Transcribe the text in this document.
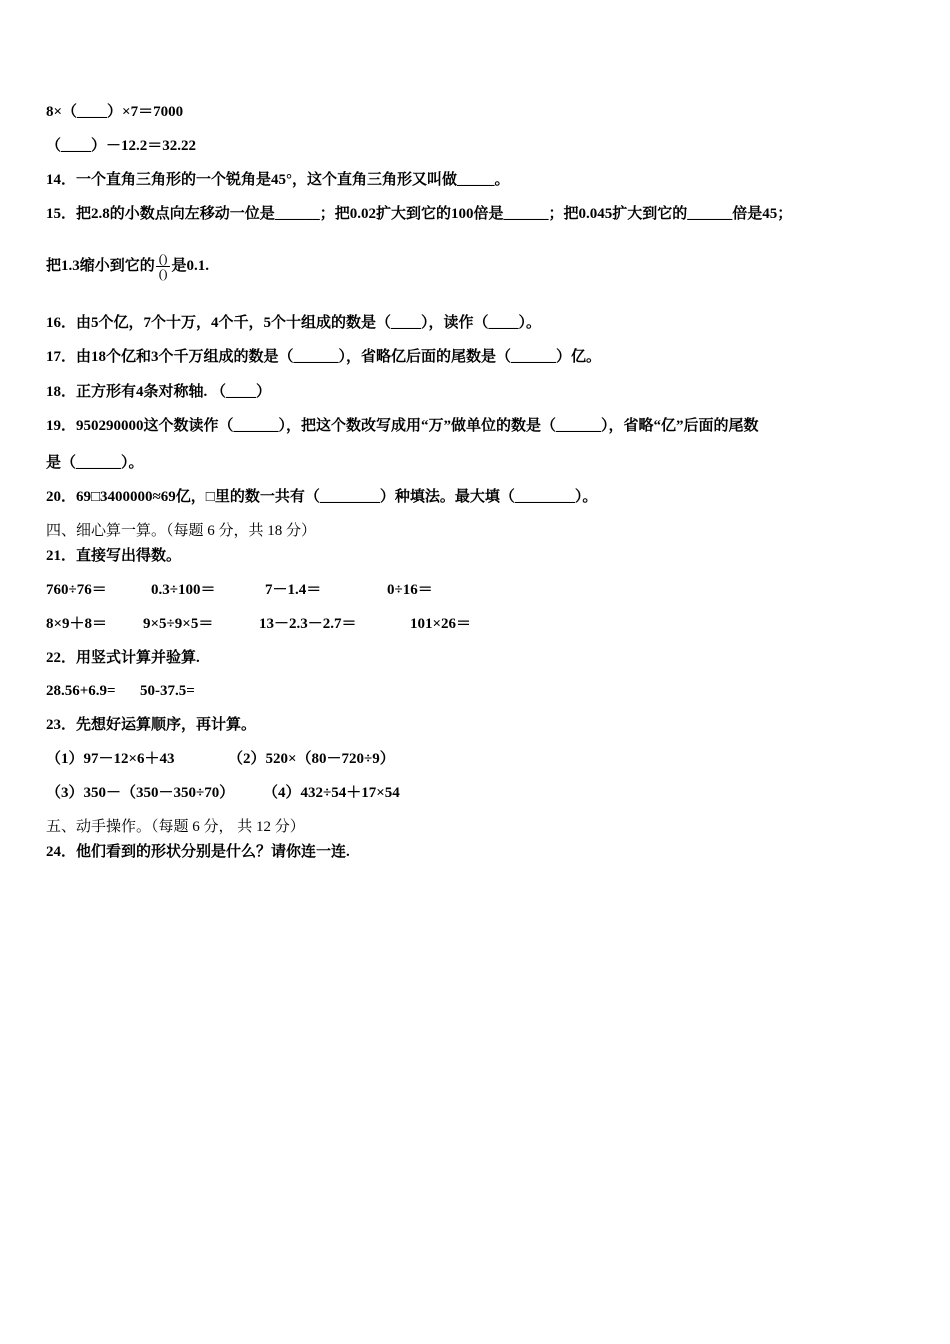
8×（____）×7＝7000
（____）－12.2＝32.22
14．一个直角三角形的一个锐角是45°，这个直角三角形又叫做_____。
15．把2.8的小数点向左移动一位是______；把0.02扩大到它的100倍是______；把0.045扩大到它的______倍是45；
把1.3缩小到它的 $\frac{()}{()}$ 是0.1.
16．由5个亿，7个十万，4个千，5个十组成的数是（____），读作（____）。
17．由18个亿和3个千万组成的数是（______），省略亿后面的尾数是（______）亿。
18．正方形有4条对称轴. （____）
19．950290000这个数读作（______），把这个数改写成用“万”做单位的数是（______），省略“亿”后面的尾数
是（______）。
20．69□3400000≈69亿，□里的数一共有（________）种填法。最大填（________）。
四、细心算一算。（每题 6 分，共 18 分）
21．直接写出得数。
760÷76＝	0.3÷100＝	7－1.4＝	0÷16＝
8×9＋8＝ 9×5÷9×5＝	13－2.3－2.7＝	101×26＝
22．用竖式计算并验算.
28.56+6.9= 50-37.5=
23．先想好运算顺序，再计算。
（1）97－12×6＋43	（2）520×（80－720÷9）
（3）350－（350－350÷70） （4）432÷54＋17×54
五、动手操作。（每题 6 分， 共 12 分）
24．他们看到的形状分别是什么？请你连一连.
